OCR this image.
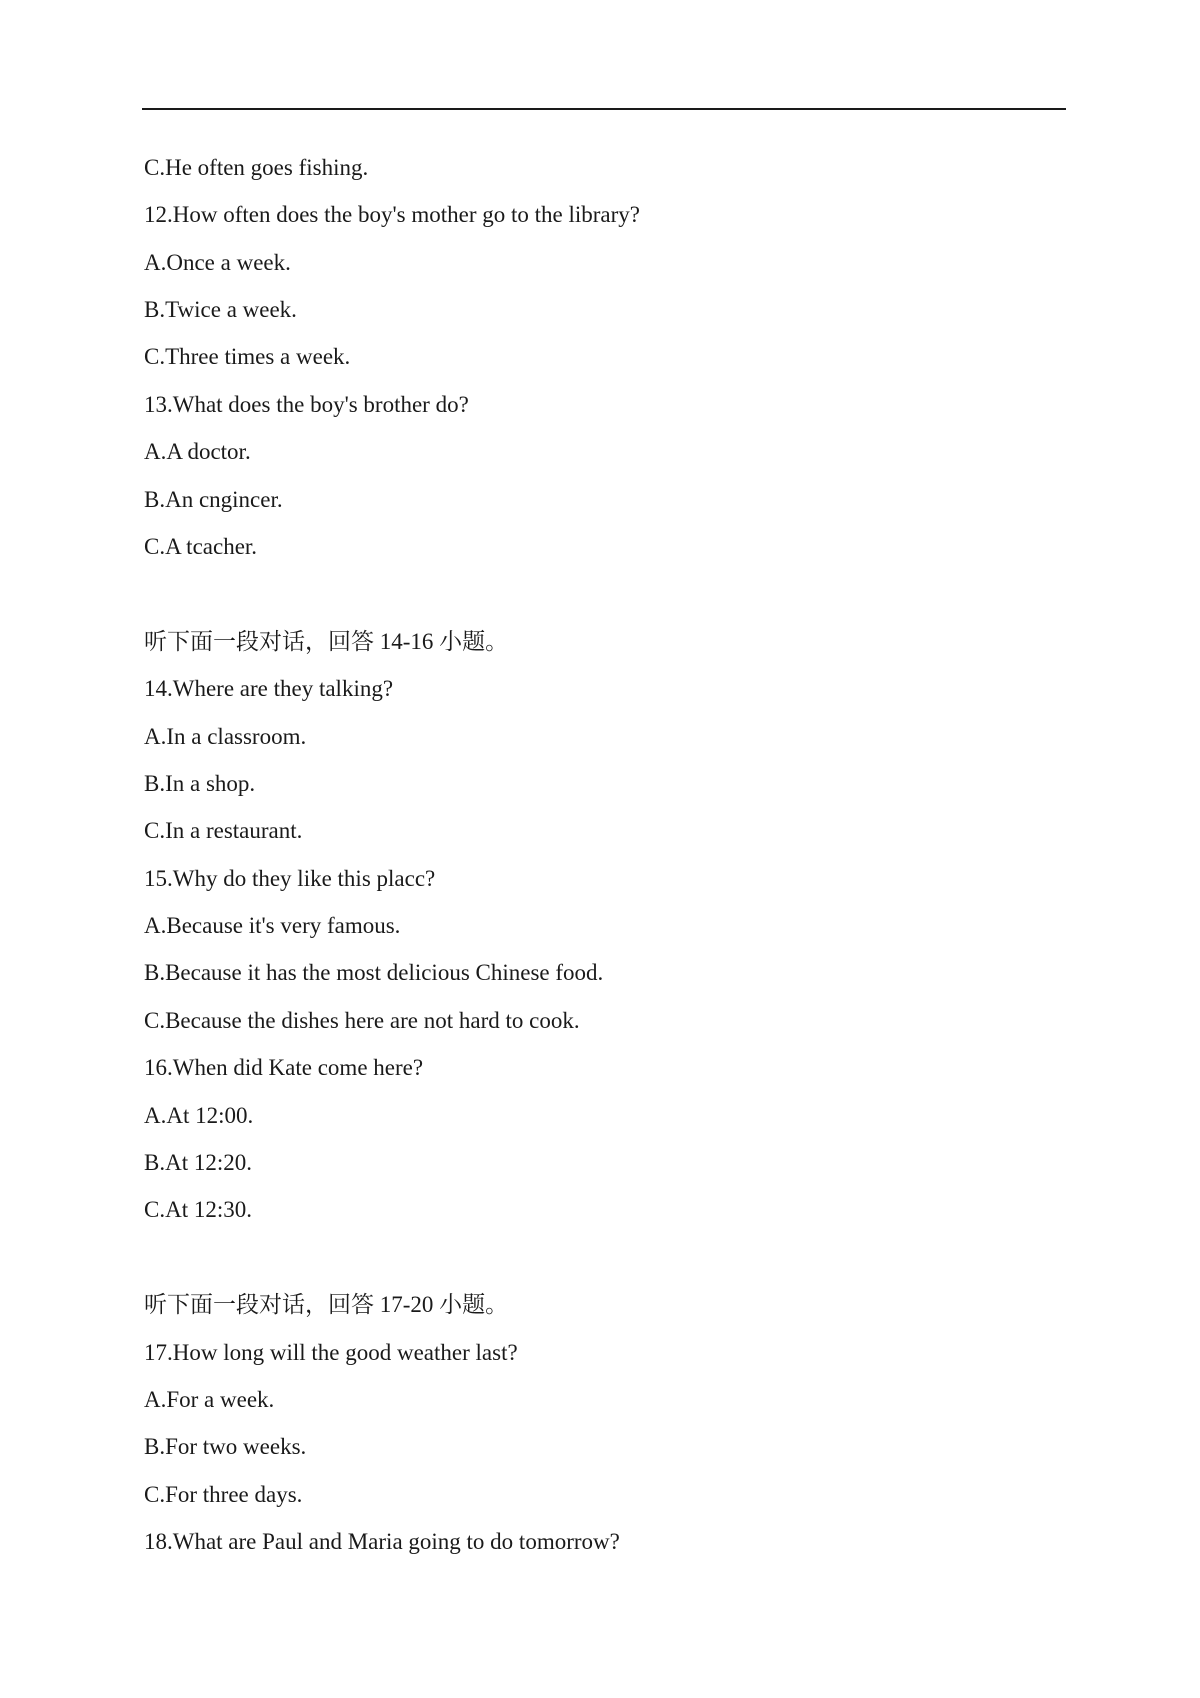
C.He often goes fishing.
12.How often does the boy's mother go to the library?
A.Once a week.
B.Twice a week.
C.Three times a week.
13.What does the boy's brother do?
A.A doctor.
B.An cngincer.
C.A tcacher.
听下面一段对话，回答 14-16 小题。
14.Where are they talking?
A.In a classroom.
B.In a shop.
C.In a restaurant.
15.Why do they like this placc?
A.Because it's very famous.
B.Because it has the most delicious Chinese food.
C.Because the dishes here are not hard to cook.
16.When did Kate come here?
A.At 12:00.
B.At 12:20.
C.At 12:30.
听下面一段对话，回答 17-20 小题。
17.How long will the good weather last?
A.For a week.
B.For two weeks.
C.For three days.
18.What are Paul and Maria going to do tomorrow?
